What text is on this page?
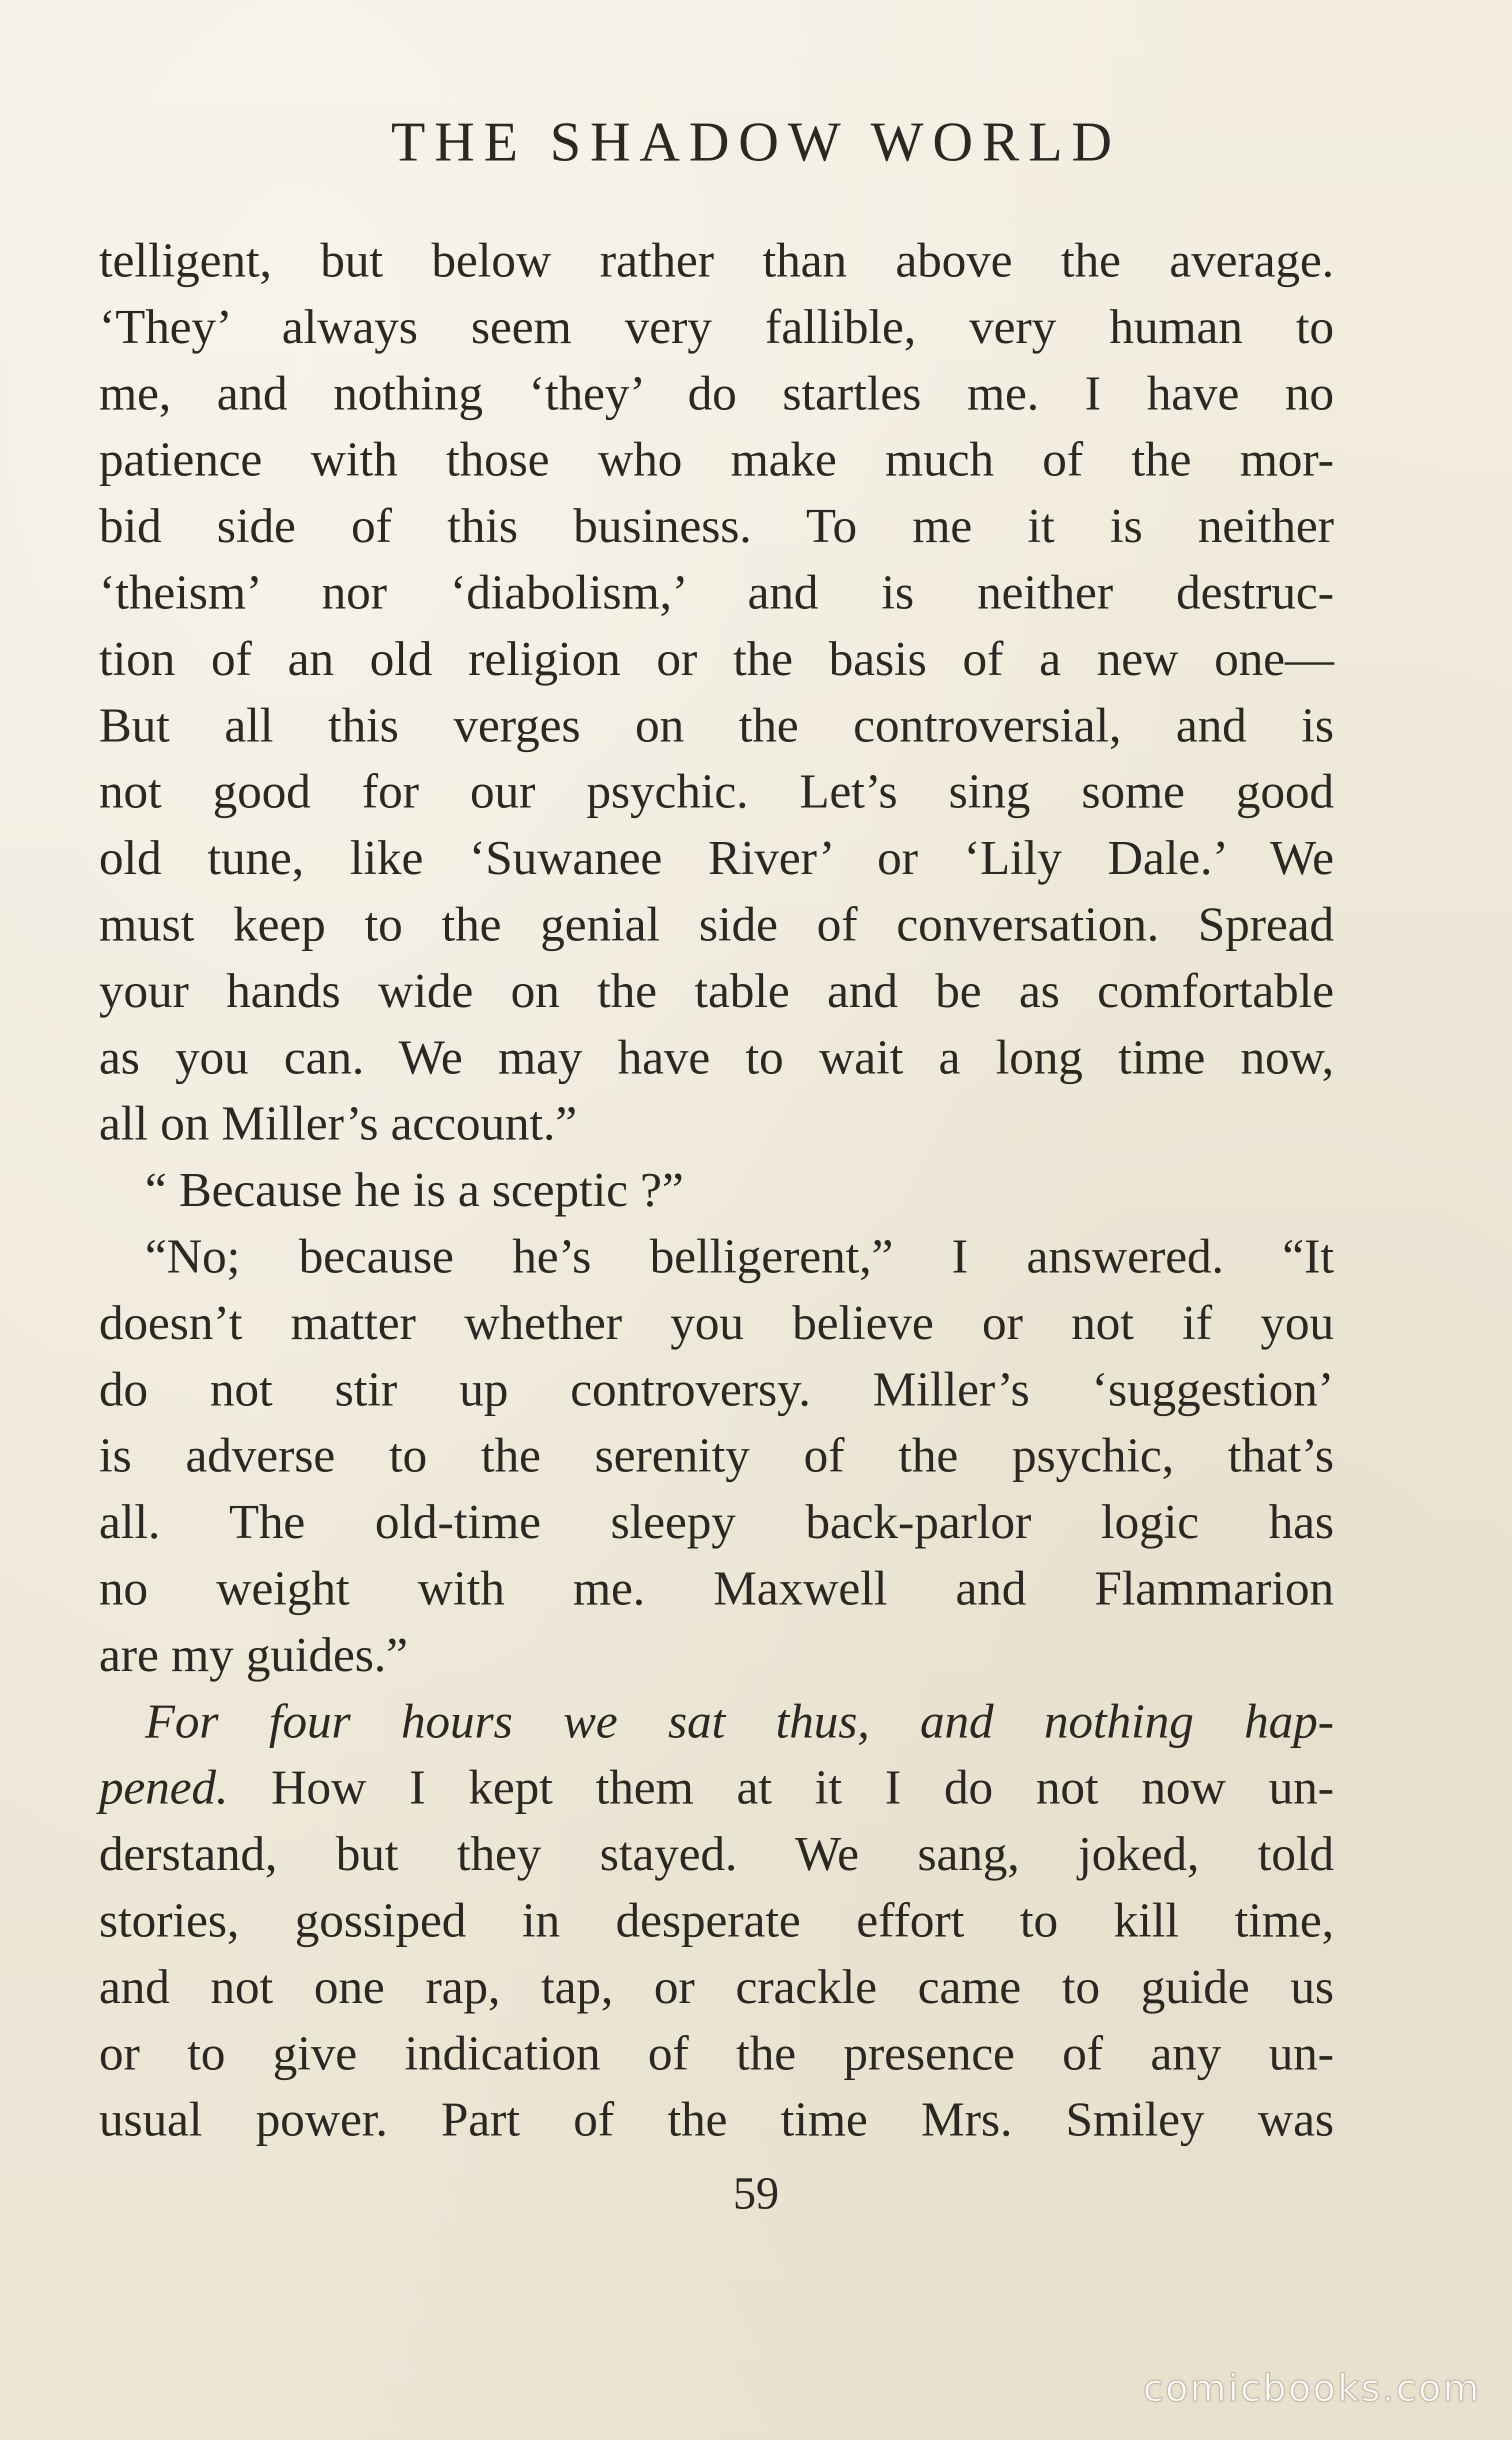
THE SHADOW WORLD
telligent, but below rather than above the average.
‘They’ always seem very fallible, very human to
me, and nothing ‘they’ do startles me. I have no
patience with those who make much of the mor-
bid side of this business. To me it is neither
‘theism’ nor ‘diabolism,’ and is neither destruc-
tion of an old religion or the basis of a new one—
But all this verges on the controversial, and is
not good for our psychic. Let’s sing some good
old tune, like ‘Suwanee River’ or ‘Lily Dale.’ We
must keep to the genial side of conversation. Spread
your hands wide on the table and be as comfortable
as you can. We may have to wait a long time now,
all on Miller’s account.”
“ Because he is a sceptic ?”
“No; because he’s belligerent,” I answered. “It
doesn’t matter whether you believe or not if you
do not stir up controversy. Miller’s ‘suggestion’
is adverse to the serenity of the psychic, that’s
all. The old-time sleepy back-parlor logic has
no weight with me. Maxwell and Flammarion
are my guides.”
For four hours we sat thus, and nothing hap-
pened. How I kept them at it I do not now un-
derstand, but they stayed. We sang, joked, told
stories, gossiped in desperate effort to kill time,
and not one rap, tap, or crackle came to guide us
or to give indication of the presence of any un-
usual power. Part of the time Mrs. Smiley was
59
comicbooks.com
